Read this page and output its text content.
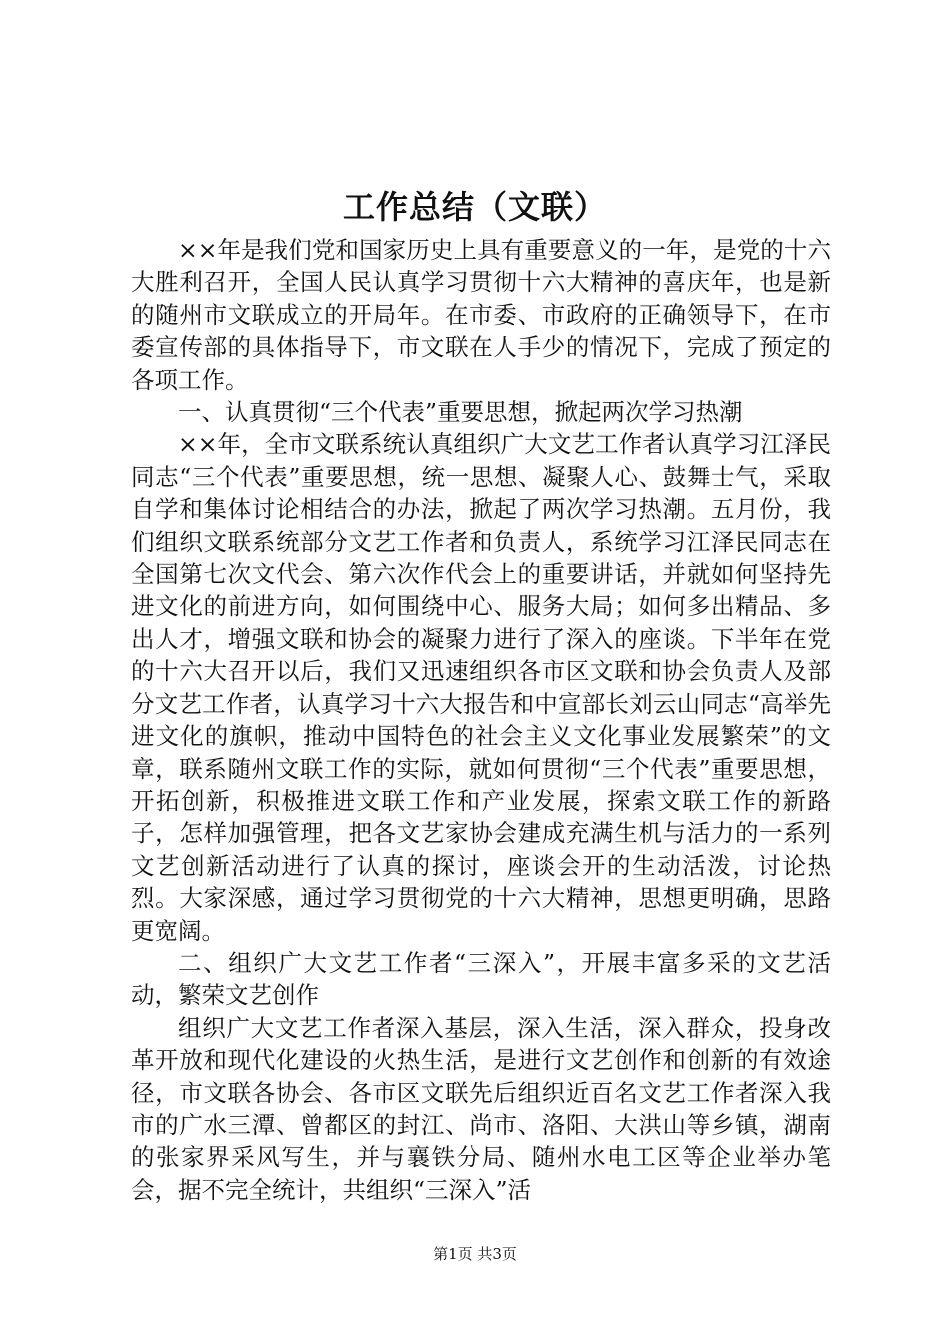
工作总结（文联）

××年是我们党和国家历史上具有重要意义的一年，是党的十六大胜利召开，全国人民认真学习贯彻十六大精神的喜庆年，也是新的随州市文联成立的开局年。在市委、市政府的正确领导下，在市委宣传部的具体指导下，市文联在人手少的情况下，完成了预定的各项工作。

一、认真贯彻“三个代表”重要思想，掀起两次学习热潮

××年，全市文联系统认真组织广大文艺工作者认真学习江泽民同志“三个代表”重要思想，统一思想、凝聚人心、鼓舞士气，采取自学和集体讨论相结合的办法，掀起了两次学习热潮。五月份，我们组织文联系统部分文艺工作者和负责人，系统学习江泽民同志在全国第七次文代会、第六次作代会上的重要讲话，并就如何坚持先进文化的前进方向，如何围绕中心、服务大局；如何多出精品、多出人才，增强文联和协会的凝聚力进行了深入的座谈。下半年在党的十六大召开以后，我们又迅速组织各市区文联和协会负责人及部分文艺工作者，认真学习十六大报告和中宣部长刘云山同志“高举先进文化的旗帜，推动中国特色的社会主义文化事业发展繁荣”的文章，联系随州文联工作的实际，就如何贯彻“三个代表”重要思想，开拓创新，积极推进文联工作和产业发展，探索文联工作的新路子，怎样加强管理，把各文艺家协会建成充满生机与活力的一系列文艺创新活动进行了认真的探讨，座谈会开的生动活泼，讨论热烈。大家深感，通过学习贯彻党的十六大精神，思想更明确，思路更宽阔。

二、组织广大文艺工作者“三深入”，开展丰富多采的文艺活动，繁荣文艺创作

组织广大文艺工作者深入基层，深入生活，深入群众，投身改革开放和现代化建设的火热生活，是进行文艺创作和创新的有效途径，市文联各协会、各市区文联先后组织近百名文艺工作者深入我市的广水三潭、曾都区的封江、尚市、洛阳、大洪山等乡镇，湖南的张家界采风写生，并与襄铁分局、随州水电工区等企业举办笔会，据不完全统计，共组织“三深入”活

第1页 共3页
